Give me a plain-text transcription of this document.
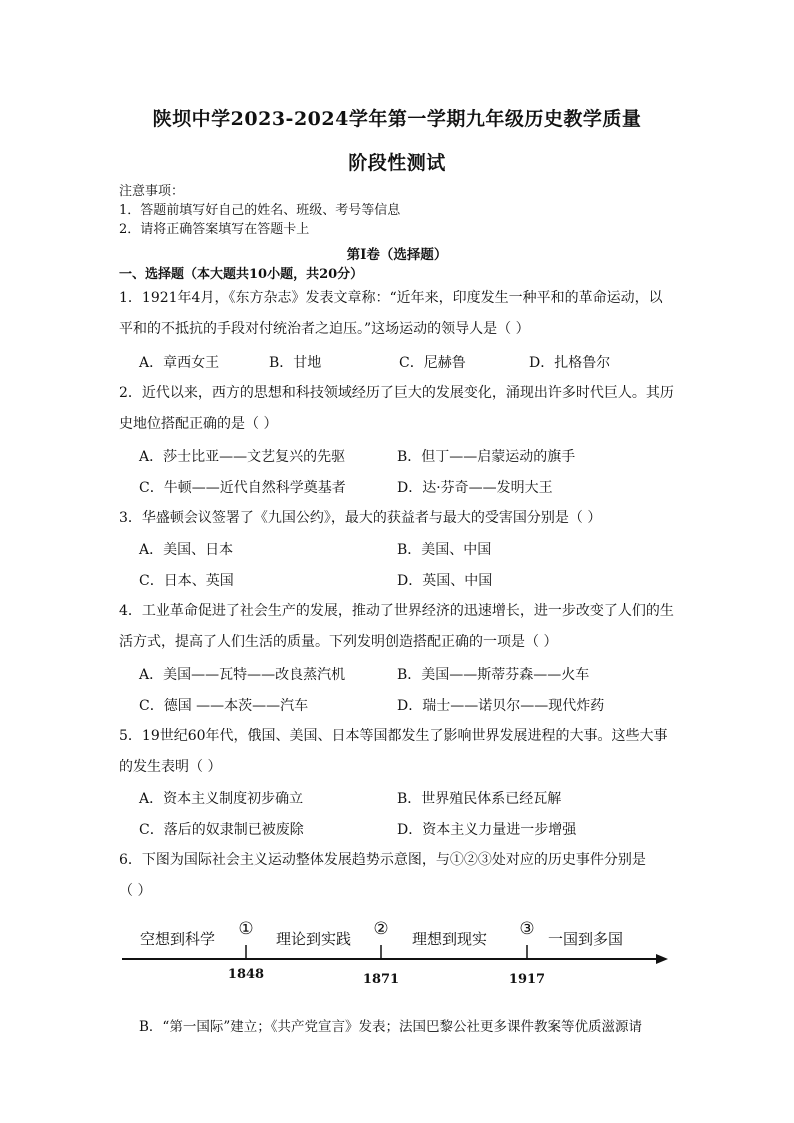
陕坝中学2023-2024学年第一学期九年级历史教学质量
阶段性测试
注意事项：
1．答题前填写好自己的姓名、班级、考号等信息
2．请将正确答案填写在答题卡上
第Ⅰ卷（选择题）
一、选择题（本大题共10小题，共20分）
1．1921年4月，《东方杂志》发表文章称：“近年来，印度发生一种平和的革命运动，以
平和的不抵抗的手段对付统治者之迫压。”这场运动的领导人是（ ）
A．章西女王	B．甘地	C．尼赫鲁	D．扎格鲁尔
2．近代以来，西方的思想和科技领域经历了巨大的发展变化，涌现出许多时代巨人。其历
史地位搭配正确的是（ ）
A．莎士比亚——文艺复兴的先驱	B．但丁——启蒙运动的旗手
C．牛顿——近代自然科学奠基者	D．达·芬奇——发明大王
3．华盛顿会议签署了《九国公约》，最大的获益者与最大的受害国分别是（ ）
A．美国、日本	B．美国、中国
C．日本、英国	D．英国、中国
4．工业革命促进了社会生产的发展，推动了世界经济的迅速增长，进一步改变了人们的生
活方式，提高了人们生活的质量。下列发明创造搭配正确的一项是（ ）
A．美国——瓦特——改良蒸汽机	B．美国——斯蒂芬森——火车
C．德国 ——本茨——汽车	D．瑞士——诺贝尔——现代炸药
5．19世纪60年代，俄国、美国、日本等国都发生了影响世界发展进程的大事。这些大事
的发生表明（ ）
A．资本主义制度初步确立	B．世界殖民体系已经瓦解
C．落后的奴隶制已被废除	D．资本主义力量进一步增强
6．下图为国际社会主义运动整体发展趋势示意图，与①②③处对应的历史事件分别是
（ ）
空想到科学	理论到实践	理想到现实	一国到多国
①	②	③
1848	1871	1917
B．“第一国际”建立；《共产党宣言》发表；法国巴黎公社更多课件教案等优质滋源请
